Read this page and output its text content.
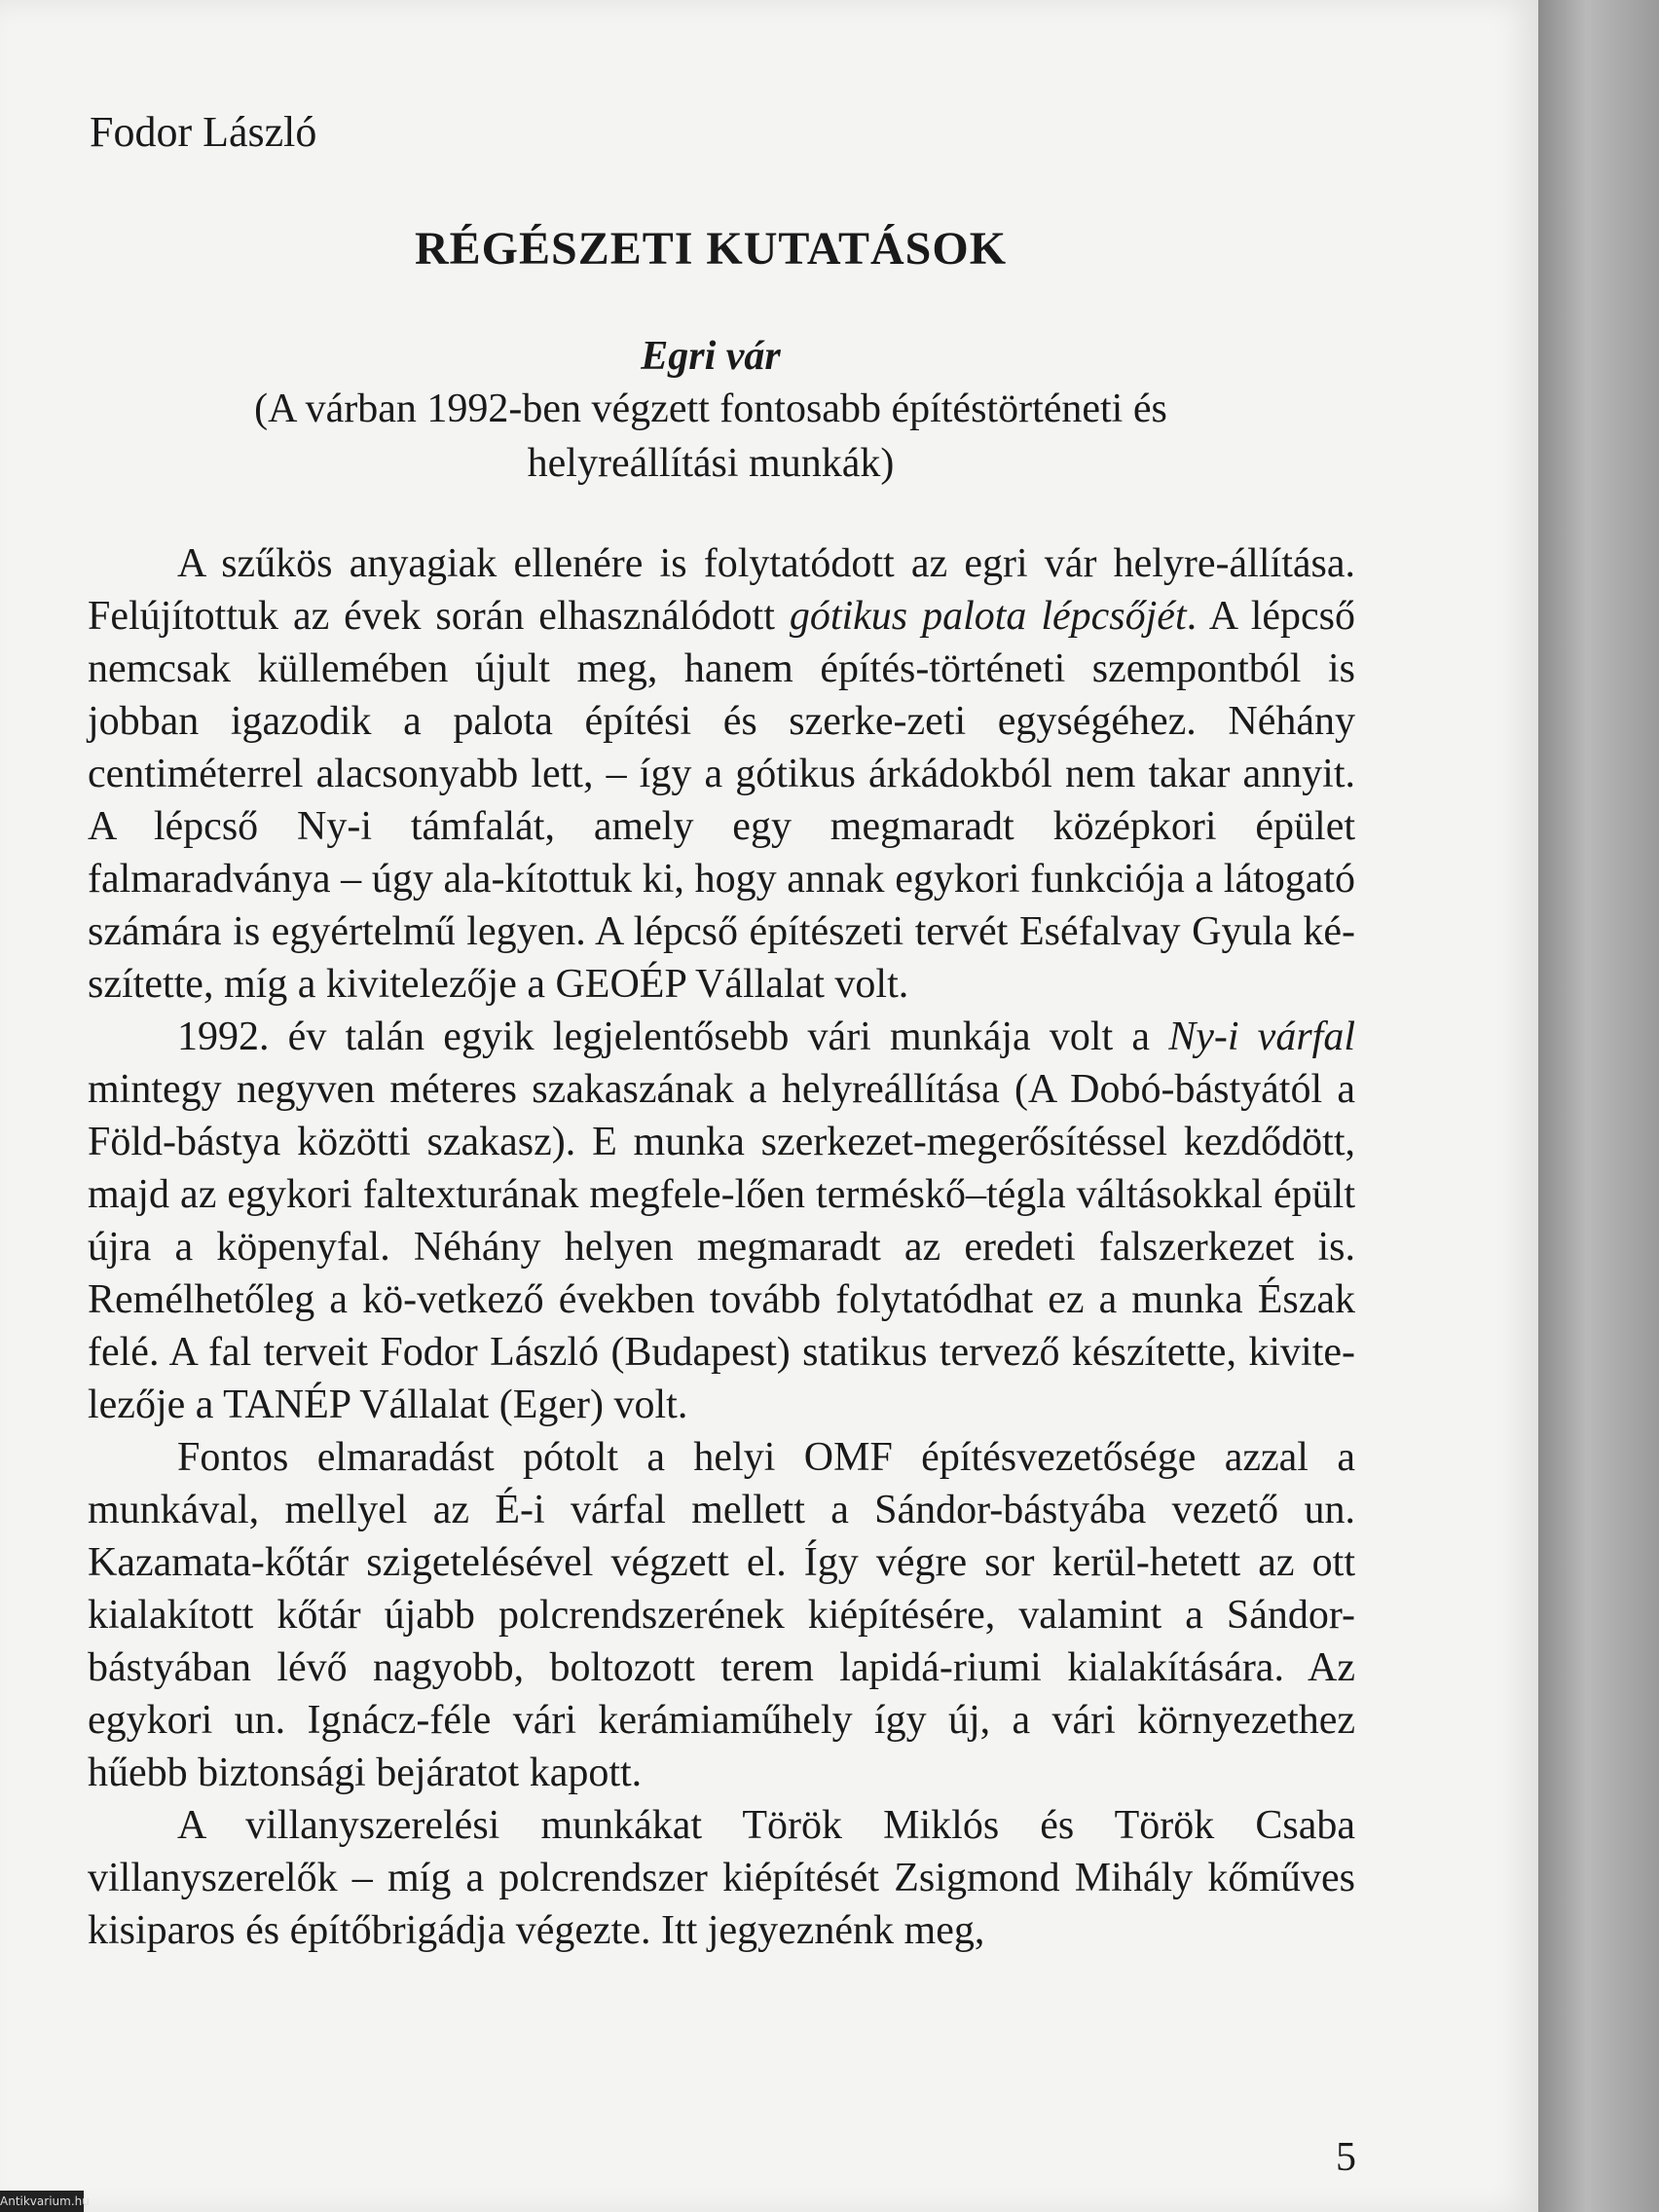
Fodor László
RÉGÉSZETI KUTATÁSOK
Egri vár
(A várban 1992-ben végzett fontosabb építéstörténeti és helyreállítási munkák)

A szűkös anyagiak ellenére is folytatódott az egri vár helyre-állítása. Felújítottuk az évek során elhasználódott gótikus palota lépcsőjét. A lépcső nemcsak küllemében újult meg, hanem építés-történeti szempontból is jobban igazodik a palota építési és szerke-zeti egységéhez. Néhány centiméterrel alacsonyabb lett, – így a gótikus árkádokból nem takar annyit. A lépcső Ny-i támfalát, amely egy megmaradt középkori épület falmaradványa – úgy ala-kítottuk ki, hogy annak egykori funkciója a látogató számára is egyértelmű legyen. A lépcső építészeti tervét Eséfalvay Gyula ké-szítette, míg a kivitelezője a GEOÉP Vállalat volt.

1992. év talán egyik legjelentősebb vári munkája volt a Ny-i várfal mintegy negyven méteres szakaszának a helyreállítása (A Dobó-bástyától a Föld-bástya közötti szakasz). E munka szerkezet-megerősítéssel kezdődött, majd az egykori faltexturának megfele-lően terméskő–tégla váltásokkal épült újra a köpenyfal. Néhány helyen megmaradt az eredeti falszerkezet is. Remélhetőleg a kö-vetkező években tovább folytatódhat ez a munka Észak felé. A fal terveit Fodor László (Budapest) statikus tervező készítette, kivite-lezője a TANÉP Vállalat (Eger) volt.

Fontos elmaradást pótolt a helyi OMF építésvezetősége azzal a munkával, mellyel az É-i várfal mellett a Sándor-bástyába vezető un. Kazamata-kőtár szigetelésével végzett el. Így végre sor kerül-hetett az ott kialakított kőtár újabb polcrendszerének kiépítésére, valamint a Sándor-bástyában lévő nagyobb, boltozott terem lapidá-riumi kialakítására. Az egykori un. Ignácz-féle vári kerámiaműhely így új, a vári környezethez hűebb biztonsági bejáratot kapott.

A villanyszerelési munkákat Török Miklós és Török Csaba villanyszerelők – míg a polcrendszer kiépítését Zsigmond Mihály kőműves kisiparos és építőbrigádja végezte. Itt jegyeznénk meg,

5
Antikvarium.hu
